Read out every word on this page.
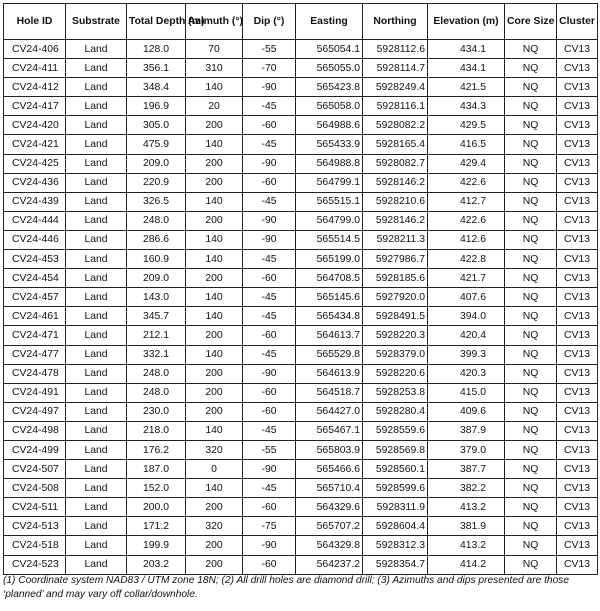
Hole ID	Substrate	Total Depth (m)	Azimuth (°)	Dip (°)	Easting	Northing	Elevation (m)	Core Size	Cluster
CV24-406	Land	128.0	70	-55	565054.1	5928112.6	434.1	NQ	CV13
CV24-411	Land	356.1	310	-70	565055.0	5928114.7	434.1	NQ	CV13
CV24-412	Land	348.4	140	-90	565423.8	5928249.4	421.5	NQ	CV13
CV24-417	Land	196.9	20	-45	565058.0	5928116.1	434.3	NQ	CV13
CV24-420	Land	305.0	200	-60	564988.6	5928082.2	429.5	NQ	CV13
CV24-421	Land	475.9	140	-45	565433.9	5928165.4	416.5	NQ	CV13
CV24-425	Land	209.0	200	-90	564988.8	5928082.7	429.4	NQ	CV13
CV24-436	Land	220.9	200	-60	564799.1	5928146.2	422.6	NQ	CV13
CV24-439	Land	326.5	140	-45	565515.1	5928210.6	412.7	NQ	CV13
CV24-444	Land	248.0	200	-90	564799.0	5928146.2	422.6	NQ	CV13
CV24-446	Land	286.6	140	-90	565514.5	5928211.3	412.6	NQ	CV13
CV24-453	Land	160.9	140	-45	565199.0	5927986.7	422.8	NQ	CV13
CV24-454	Land	209.0	200	-60	564708.5	5928185.6	421.7	NQ	CV13
CV24-457	Land	143.0	140	-45	565145.6	5927920.0	407.6	NQ	CV13
CV24-461	Land	345.7	140	-45	565434.8	5928491.5	394.0	NQ	CV13
CV24-471	Land	212.1	200	-60	564613.7	5928220.3	420.4	NQ	CV13
CV24-477	Land	332.1	140	-45	565529.8	5928379.0	399.3	NQ	CV13
CV24-478	Land	248.0	200	-90	564613.9	5928220.6	420.3	NQ	CV13
CV24-491	Land	248.0	200	-60	564518.7	5928253.8	415.0	NQ	CV13
CV24-497	Land	230.0	200	-60	564427.0	5928280.4	409.6	NQ	CV13
CV24-498	Land	218.0	140	-45	565467.1	5928559.6	387.9	NQ	CV13
CV24-499	Land	176.2	320	-55	565803.9	5928569.8	379.0	NQ	CV13
CV24-507	Land	187.0	0	-90	565466.6	5928560.1	387.7	NQ	CV13
CV24-508	Land	152.0	140	-45	565710.4	5928599.6	382.2	NQ	CV13
CV24-511	Land	200.0	200	-60	564329.6	5928311.9	413.2	NQ	CV13
CV24-513	Land	171.2	320	-75	565707.2	5928604.4	381.9	NQ	CV13
CV24-518	Land	199.9	200	-90	564329.8	5928312.3	413.2	NQ	CV13
CV24-523	Land	203.2	200	-60	564237.2	5928354.7	414.2	NQ	CV13
(1) Coordinate system NAD83 / UTM zone 18N; (2) All drill holes are diamond drill; (3) Azimuths and dips presented are those ‘planned’ and may vary off collar/downhole.
